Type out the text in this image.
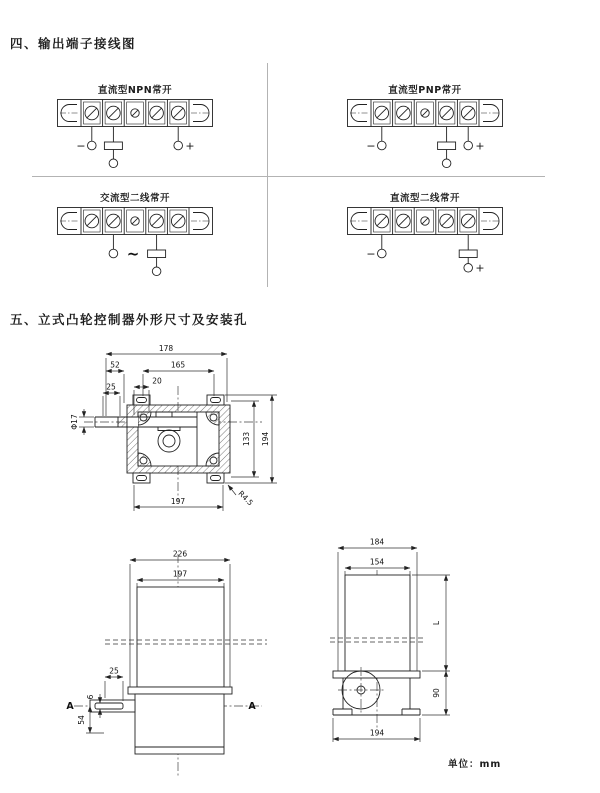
四、输出端子接线图
直流型NPN常开
−	+
直流型PNP常开
−	+
交流型二线常开
~
直流型二线常开
−
+
五、立式凸轮控制器外形尺寸及安装孔
178
52	165
20
25
Φ17
133 194
197	R4.5
226
197
25
6
54
A	A
184
154
L
90
194
单位：mm
